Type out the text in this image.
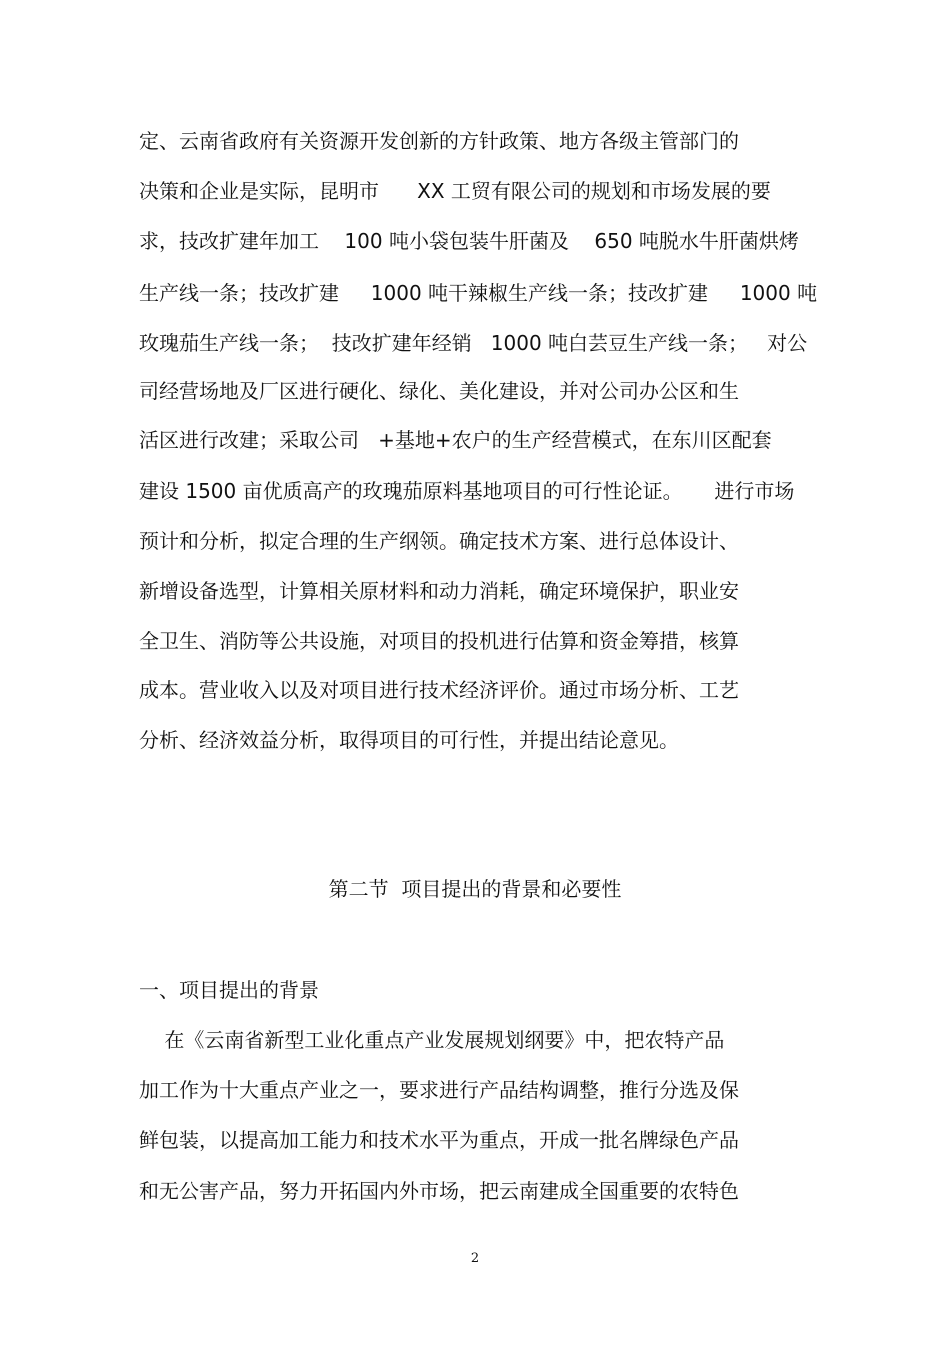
定、云南省政府有关资源开发创新的方针政策、地方各级主管部门的
决策和企业是实际，昆明市      XX 工贸有限公司的规划和市场发展的要
求，技改扩建年加工    100 吨小袋包装牛肝菌及    650 吨脱水牛肝菌烘烤
生产线一条；技改扩建     1000 吨干辣椒生产线一条；技改扩建     1000 吨
玫瑰茄生产线一条；  技改扩建年经销   1000 吨白芸豆生产线一条；   对公
司经营场地及厂区进行硬化、绿化、美化建设，并对公司办公区和生
活区进行改建；采取公司   +基地+农户的生产经营模式，在东川区配套
建设 1500 亩优质高产的玫瑰茄原料基地项目的可行性论证。     进行市场
预计和分析，拟定合理的生产纲领。确定技术方案、进行总体设计、
新增设备选型，计算相关原材料和动力消耗，确定环境保护，职业安
全卫生、消防等公共设施，对项目的投机进行估算和资金筹措，核算
成本。营业收入以及对项目进行技术经济评价。通过市场分析、工艺
分析、经济效益分析，取得项目的可行性，并提出结论意见。
第二节  项目提出的背景和必要性
一、项目提出的背景
在《云南省新型工业化重点产业发展规划纲要》中，把农特产品
加工作为十大重点产业之一，要求进行产品结构调整，推行分选及保
鲜包装，以提高加工能力和技术水平为重点，开成一批名牌绿色产品
和无公害产品，努力开拓国内外市场，把云南建成全国重要的农特色
2
